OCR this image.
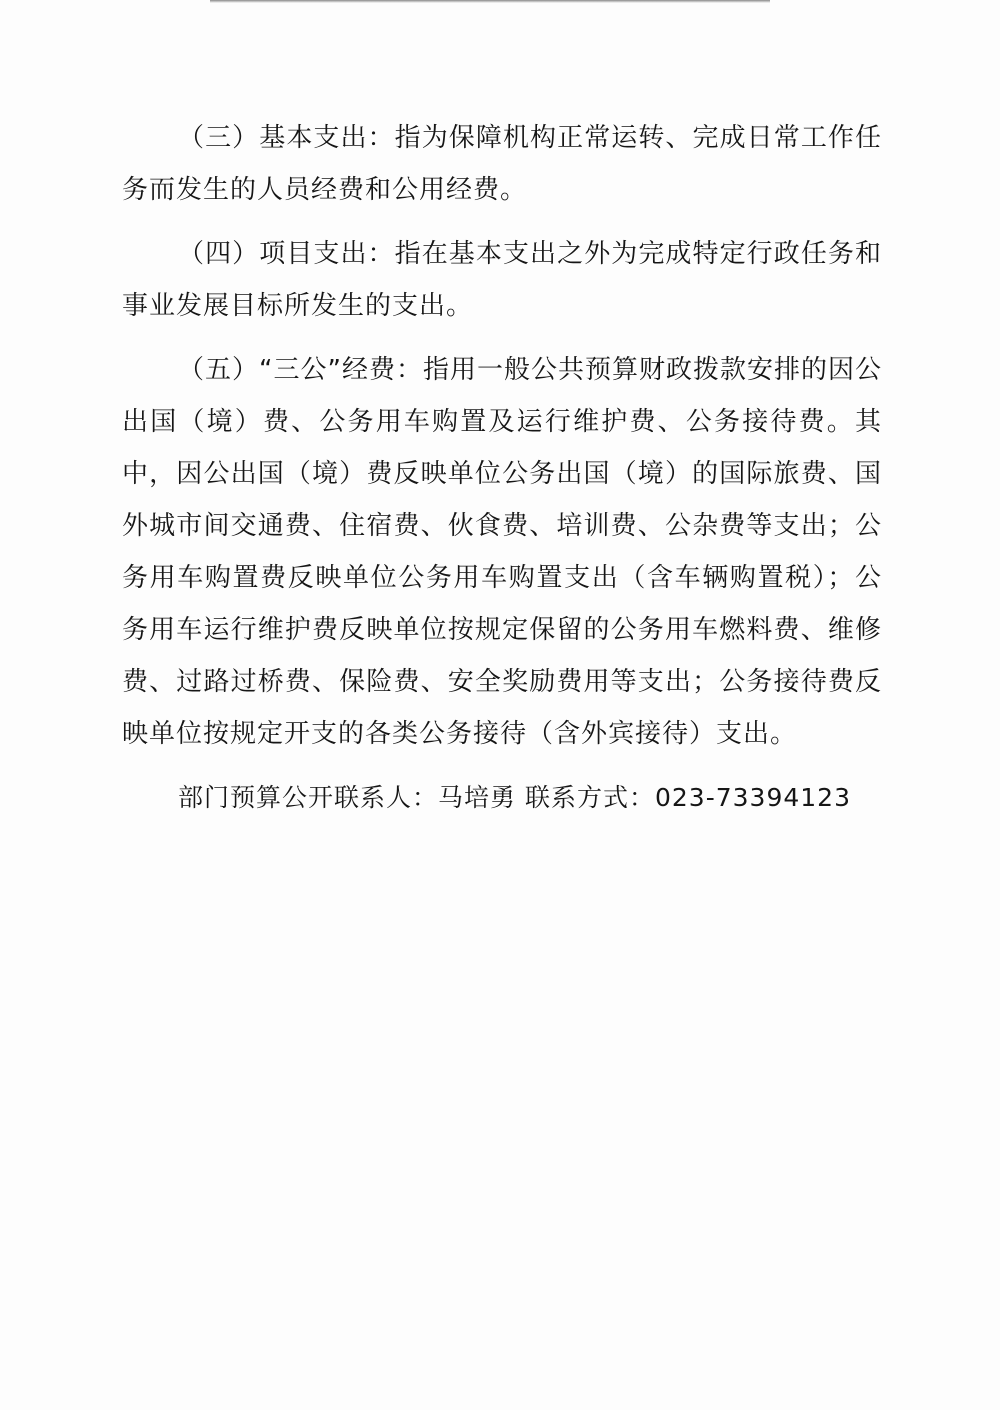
（三）基本支出：指为保障机构正常运转、完成日常工作任务而发生的人员经费和公用经费。

（四）项目支出：指在基本支出之外为完成特定行政任务和事业发展目标所发生的支出。

（五）“三公”经费：指用一般公共预算财政拨款安排的因公出国（境）费、公务用车购置及运行维护费、公务接待费。其中，因公出国（境）费反映单位公务出国（境）的国际旅费、国外城市间交通费、住宿费、伙食费、培训费、公杂费等支出；公务用车购置费反映单位公务用车购置支出（含车辆购置税）；公务用车运行维护费反映单位按规定保留的公务用车燃料费、维修费、过路过桥费、保险费、安全奖励费用等支出；公务接待费反映单位按规定开支的各类公务接待（含外宾接待）支出。

部门预算公开联系人：马培勇 联系方式：023-73394123
